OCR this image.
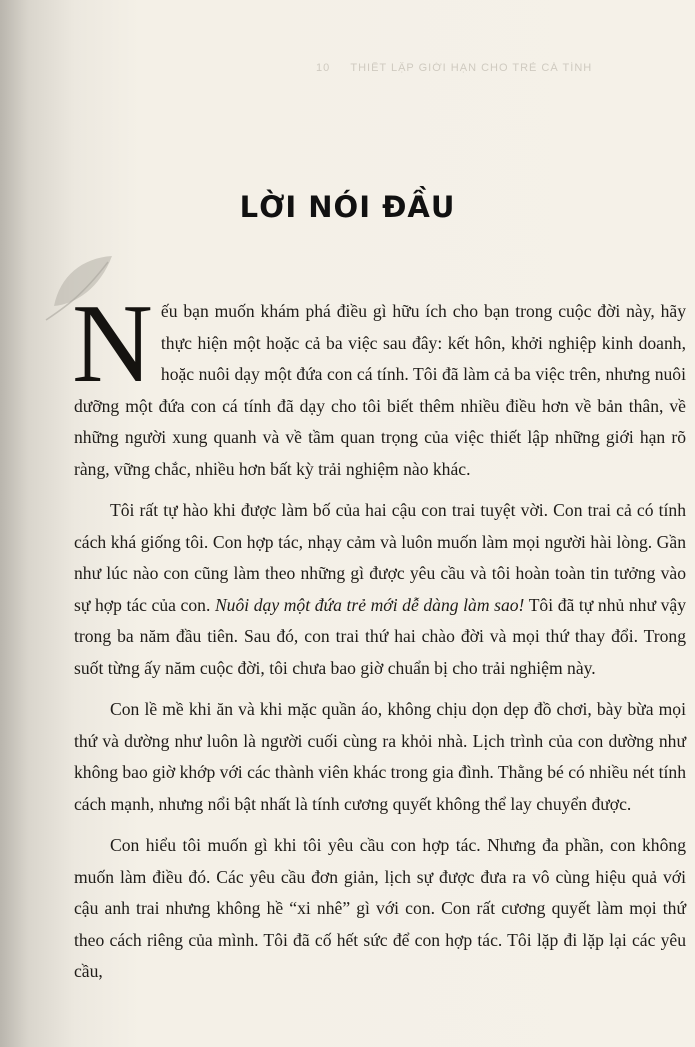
10 THIẾT LẬP GIỚI HẠN CHO TRẺ CÁ TÍNH
LỜI NÓI ĐẦU

Nếu bạn muốn khám phá điều gì hữu ích cho bạn trong cuộc đời này, hãy thực hiện một hoặc cả ba việc sau đây: kết hôn, khởi nghiệp kinh doanh, hoặc nuôi dạy một đứa con cá tính. Tôi đã làm cả ba việc trên, nhưng nuôi dưỡng một đứa con cá tính đã dạy cho tôi biết thêm nhiều điều hơn về bản thân, về những người xung quanh và về tầm quan trọng của việc thiết lập những giới hạn rõ ràng, vững chắc, nhiều hơn bất kỳ trải nghiệm nào khác.

Tôi rất tự hào khi được làm bố của hai cậu con trai tuyệt vời. Con trai cả có tính cách khá giống tôi. Con hợp tác, nhạy cảm và luôn muốn làm mọi người hài lòng. Gần như lúc nào con cũng làm theo những gì được yêu cầu và tôi hoàn toàn tin tưởng vào sự hợp tác của con. Nuôi dạy một đứa trẻ mới dễ dàng làm sao! Tôi đã tự nhủ như vậy trong ba năm đầu tiên. Sau đó, con trai thứ hai chào đời và mọi thứ thay đổi. Trong suốt từng ấy năm cuộc đời, tôi chưa bao giờ chuẩn bị cho trải nghiệm này.

Con lề mề khi ăn và khi mặc quần áo, không chịu dọn dẹp đồ chơi, bày bừa mọi thứ và dường như luôn là người cuối cùng ra khỏi nhà. Lịch trình của con dường như không bao giờ khớp với các thành viên khác trong gia đình. Thằng bé có nhiều nét tính cách mạnh, nhưng nổi bật nhất là tính cương quyết không thể lay chuyển được.

Con hiểu tôi muốn gì khi tôi yêu cầu con hợp tác. Nhưng đa phần, con không muốn làm điều đó. Các yêu cầu đơn giản, lịch sự được đưa ra vô cùng hiệu quả với cậu anh trai nhưng không hề “xi nhê” gì với con. Con rất cương quyết làm mọi thứ theo cách riêng của mình. Tôi đã cố hết sức để con hợp tác. Tôi lặp đi lặp lại các yêu cầu,
